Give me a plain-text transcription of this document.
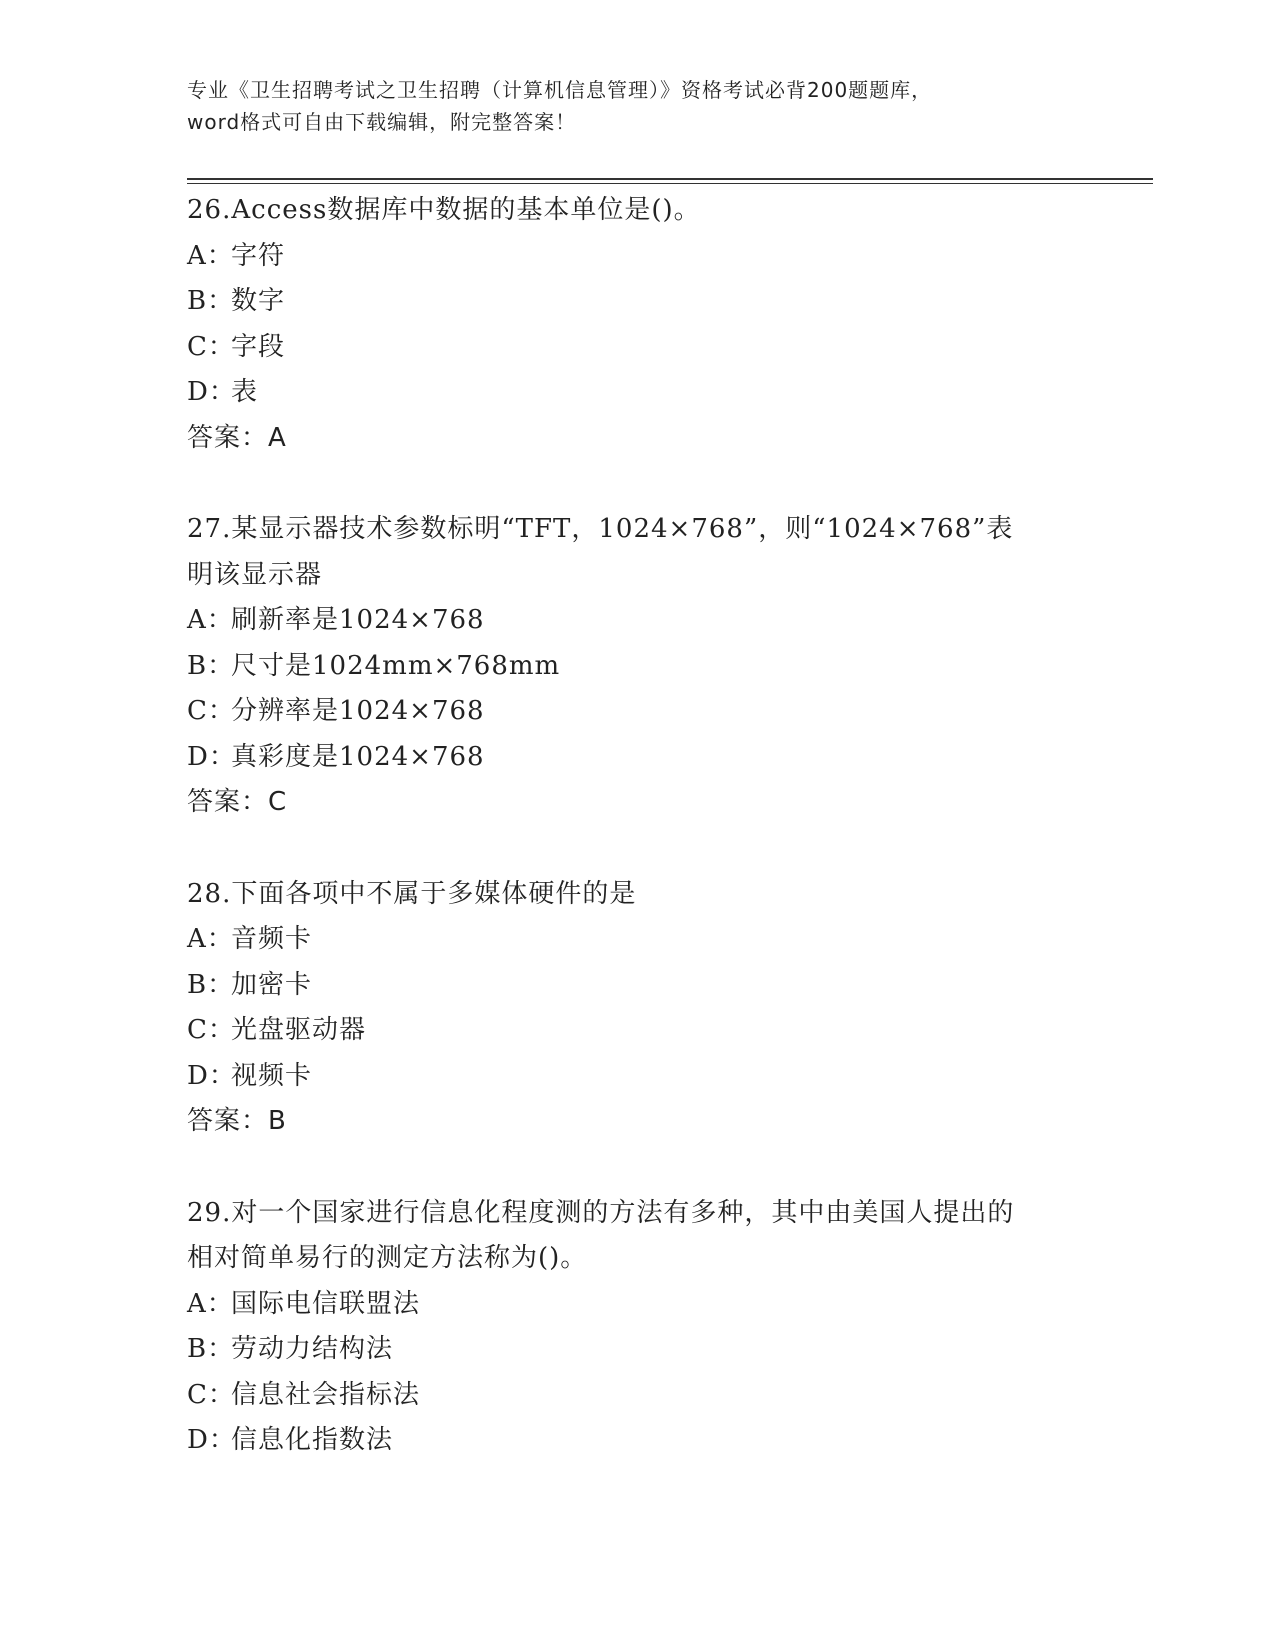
专业《卫生招聘考试之卫生招聘（计算机信息管理）》资格考试必背200题题库，
word格式可自由下载编辑，附完整答案！
26.Access数据库中数据的基本单位是()。
A：字符
B：数字
C：字段
D：表
答案：A
27.某显示器技术参数标明“TFT，1024×768”，则“1024×768”表
明该显示器
A：刷新率是1024×768
B：尺寸是1024mm×768mm
C：分辨率是1024×768
D：真彩度是1024×768
答案：C
28.下面各项中不属于多媒体硬件的是
A：音频卡
B：加密卡
C：光盘驱动器
D：视频卡
答案：B
29.对一个国家进行信息化程度测的方法有多种，其中由美国人提出的
相对简单易行的测定方法称为()。
A：国际电信联盟法
B：劳动力结构法
C：信息社会指标法
D：信息化指数法
